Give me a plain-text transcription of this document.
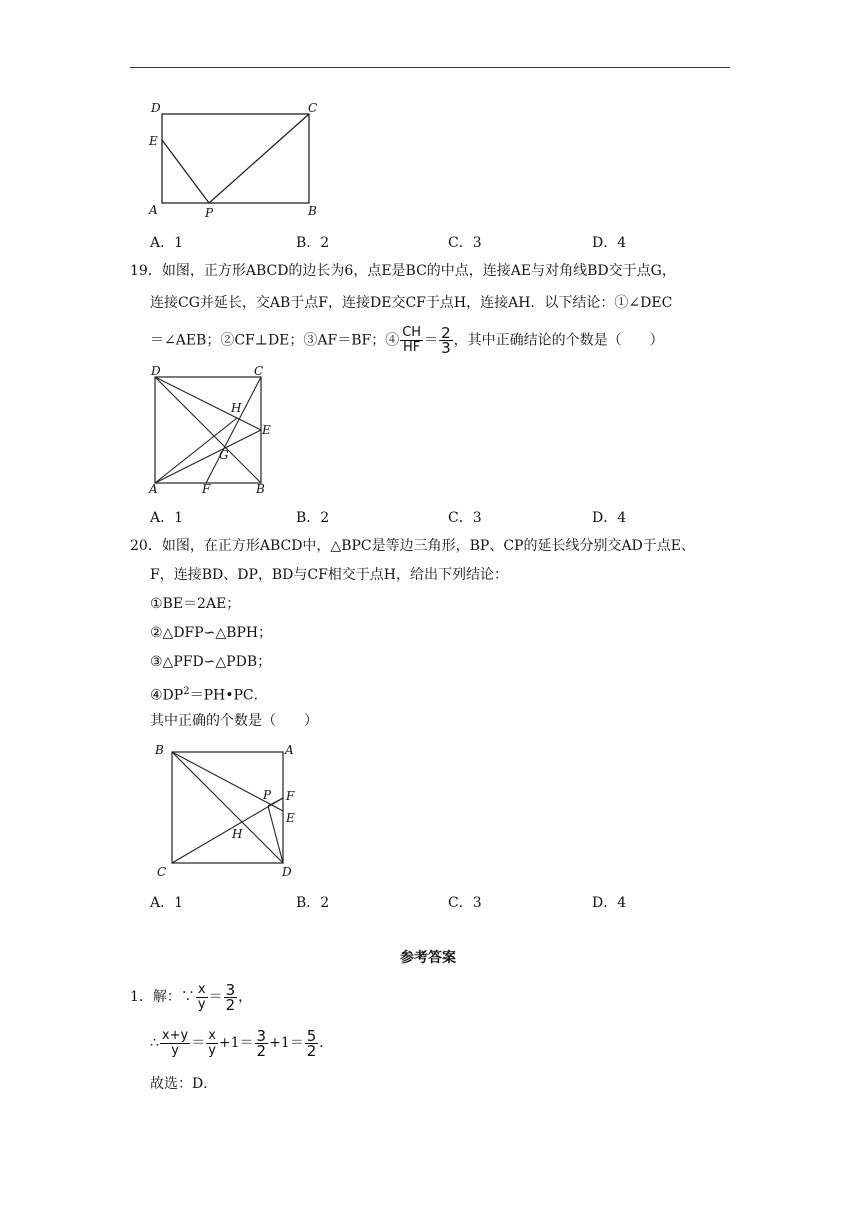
D	C
E
A	P	B
A．1	B．2	C．3	D．4
19．如图，正方形ABCD的边长为6，点E是BC的中点，连接AE与对角线BD交于点G，
连接CG并延长，交AB于点F，连接DE交CF于点H，连接AH．以下结论：①∠DEC
＝∠AEB；②CF⊥DE；③AF＝BF；④ $\frac{CH}{HF} = \frac{2}{3}$ ，其中正确结论的个数是（　　）
D	C
H
E
G
A	F	B
A．1	B．2	C．3	D．4
20．如图，在正方形ABCD中，△BPC是等边三角形，BP、CP的延长线分别交AD于点E、
F，连接BD、DP，BD与CF相交于点H，给出下列结论：
①BE＝2AE；
②△DFP∽△BPH；
③△PFD∽△PDB；
$④DP^2=PH•PC$．
其中正确的个数是（　　）
B	A
P F
E
H
C	D
A．1	B．2	C．3	D．4
参考答案
1．解：∵ $\frac{x}{y} = \frac{3}{2}$ ，
∴ $\frac{x+y}{y} = \frac{x}{y} +1= \frac{3}{2} +1= \frac{5}{2}$ ．
故选：D．
